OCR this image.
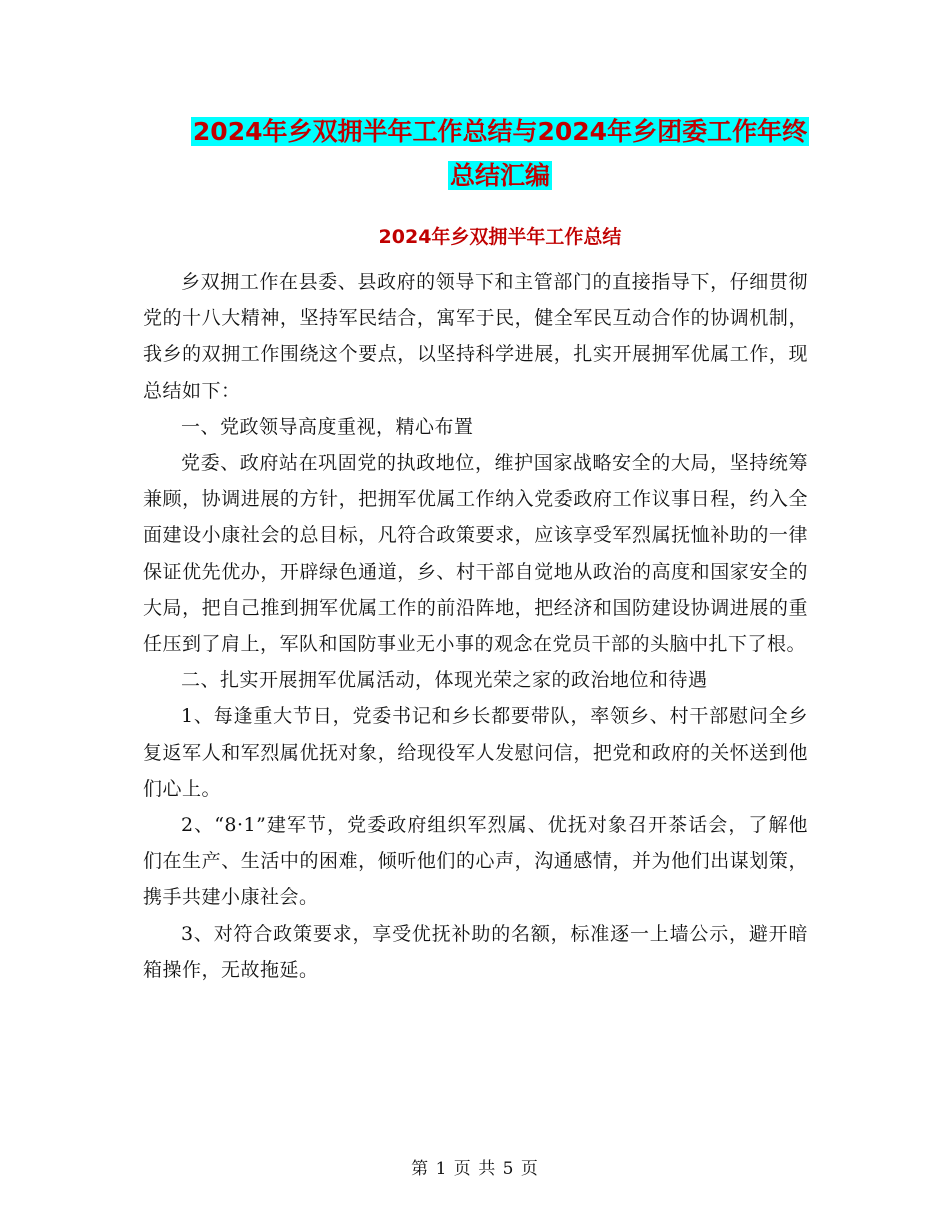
2024年乡双拥半年工作总结与2024年乡团委工作年终
总结汇编
2024年乡双拥半年工作总结

乡双拥工作在县委、县政府的领导下和主管部门的直接指导下，仔细贯彻党的十八大精神，坚持军民结合，寓军于民，健全军民互动合作的协调机制，我乡的双拥工作围绕这个要点，以坚持科学进展，扎实开展拥军优属工作，现总结如下：

一、党政领导高度重视，精心布置

党委、政府站在巩固党的执政地位，维护国家战略安全的大局，坚持统筹兼顾，协调进展的方针，把拥军优属工作纳入党委政府工作议事日程，约入全面建设小康社会的总目标，凡符合政策要求，应该享受军烈属抚恤补助的一律保证优先优办，开辟绿色通道，乡、村干部自觉地从政治的高度和国家安全的大局，把自己推到拥军优属工作的前沿阵地，把经济和国防建设协调进展的重任压到了肩上，军队和国防事业无小事的观念在党员干部的头脑中扎下了根。

二、扎实开展拥军优属活动，体现光荣之家的政治地位和待遇

1、每逢重大节日，党委书记和乡长都要带队，率领乡、村干部慰问全乡复返军人和军烈属优抚对象，给现役军人发慰问信，把党和政府的关怀送到他们心上。

2、“8·1”建军节，党委政府组织军烈属、优抚对象召开茶话会，了解他们在生产、生活中的困难，倾听他们的心声，沟通感情，并为他们出谋划策，携手共建小康社会。

3、对符合政策要求，享受优抚补助的名额，标准逐一上墙公示，避开暗箱操作，无故拖延。

第 1 页 共 5 页
